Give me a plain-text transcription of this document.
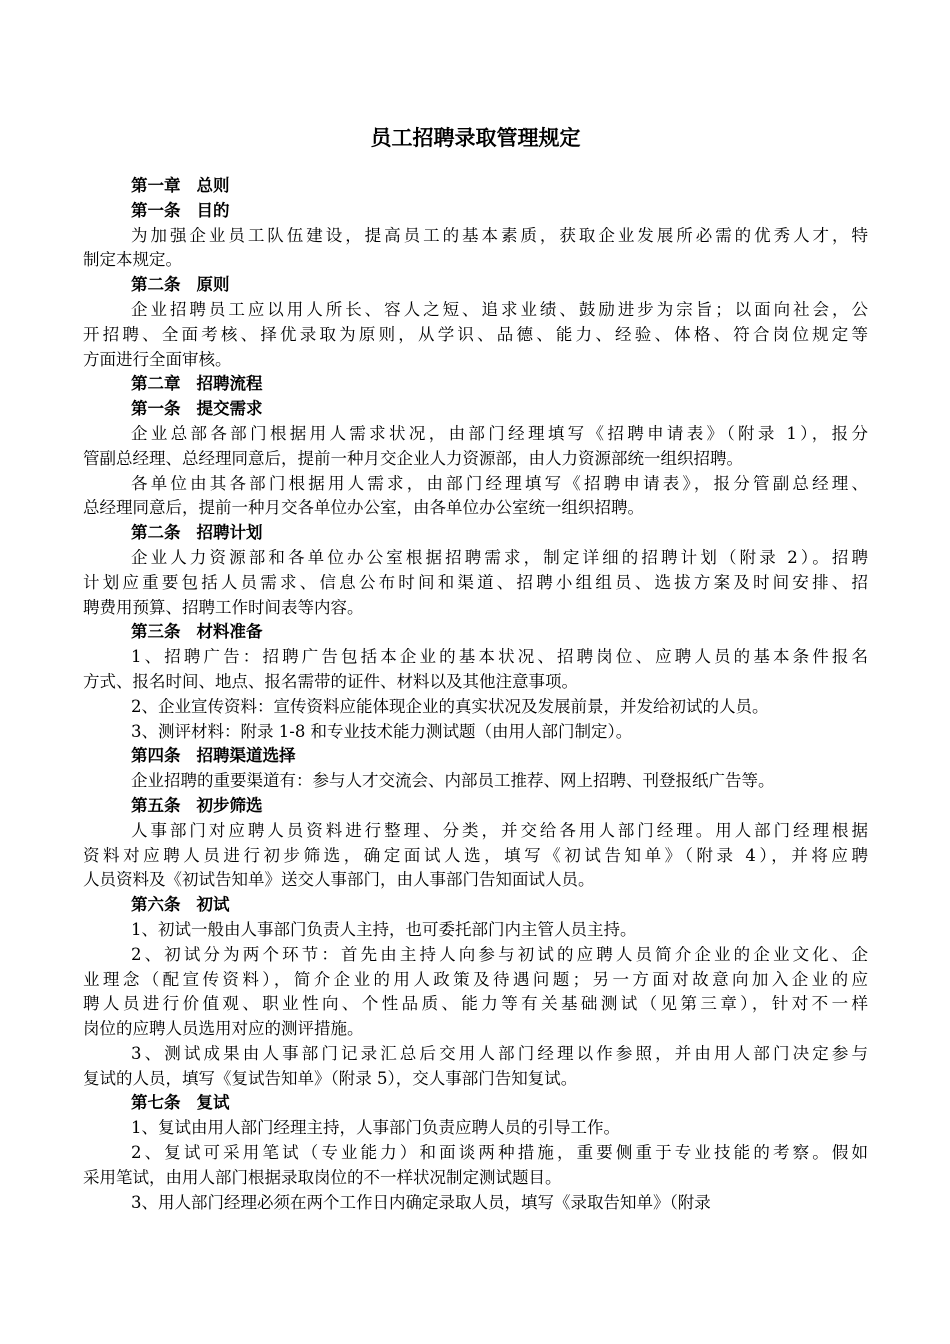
员工招聘录取管理规定
第一章 总则
第一条 目的
为加强企业员工队伍建设，提高员工的基本素质，获取企业发展所必需的优秀人才，特
制定本规定。
第二条 原则
企业招聘员工应以用人所长、容人之短、追求业绩、鼓励进步为宗旨；以面向社会，公
开招聘、全面考核、择优录取为原则，从学识、品德、能力、经验、体格、符合岗位规定等
方面进行全面审核。
第二章 招聘流程
第一条 提交需求
企业总部各部门根据用人需求状况，由部门经理填写《招聘申请表》（附录 1），报分
管副总经理、总经理同意后，提前一种月交企业人力资源部，由人力资源部统一组织招聘。
各单位由其各部门根据用人需求，由部门经理填写《招聘申请表》，报分管副总经理、
总经理同意后，提前一种月交各单位办公室，由各单位办公室统一组织招聘。
第二条 招聘计划
企业人力资源部和各单位办公室根据招聘需求，制定详细的招聘计划（附录 2）。招聘
计划应重要包括人员需求、信息公布时间和渠道、招聘小组组员、选拔方案及时间安排、招
聘费用预算、招聘工作时间表等内容。
第三条 材料准备
1、招聘广告：招聘广告包括本企业的基本状况、招聘岗位、应聘人员的基本条件报名
方式、报名时间、地点、报名需带的证件、材料以及其他注意事项。
2、企业宣传资料：宣传资料应能体现企业的真实状况及发展前景，并发给初试的人员。
3、测评材料：附录 1-8 和专业技术能力测试题（由用人部门制定）。
第四条 招聘渠道选择
企业招聘的重要渠道有：参与人才交流会、内部员工推荐、网上招聘、刊登报纸广告等。
第五条 初步筛选
人事部门对应聘人员资料进行整理、分类，并交给各用人部门经理。用人部门经理根据
资料对应聘人员进行初步筛选，确定面试人选，填写《初试告知单》（附录 4），并将应聘
人员资料及《初试告知单》送交人事部门，由人事部门告知面试人员。
第六条 初试
1、初试一般由人事部门负责人主持，也可委托部门内主管人员主持。
2、初试分为两个环节：首先由主持人向参与初试的应聘人员简介企业的企业文化、企
业理念（配宣传资料），简介企业的用人政策及待遇问题；另一方面对故意向加入企业的应
聘人员进行价值观、职业性向、个性品质、能力等有关基础测试（见第三章），针对不一样
岗位的应聘人员选用对应的测评措施。
3、测试成果由人事部门记录汇总后交用人部门经理以作参照，并由用人部门决定参与
复试的人员，填写《复试告知单》（附录 5），交人事部门告知复试。
第七条 复试
1、复试由用人部门经理主持，人事部门负责应聘人员的引导工作。
2、复试可采用笔试（专业能力）和面谈两种措施，重要侧重于专业技能的考察。假如
采用笔试，由用人部门根据录取岗位的不一样状况制定测试题目。
3、用人部门经理必须在两个工作日内确定录取人员，填写《录取告知单》（附录
